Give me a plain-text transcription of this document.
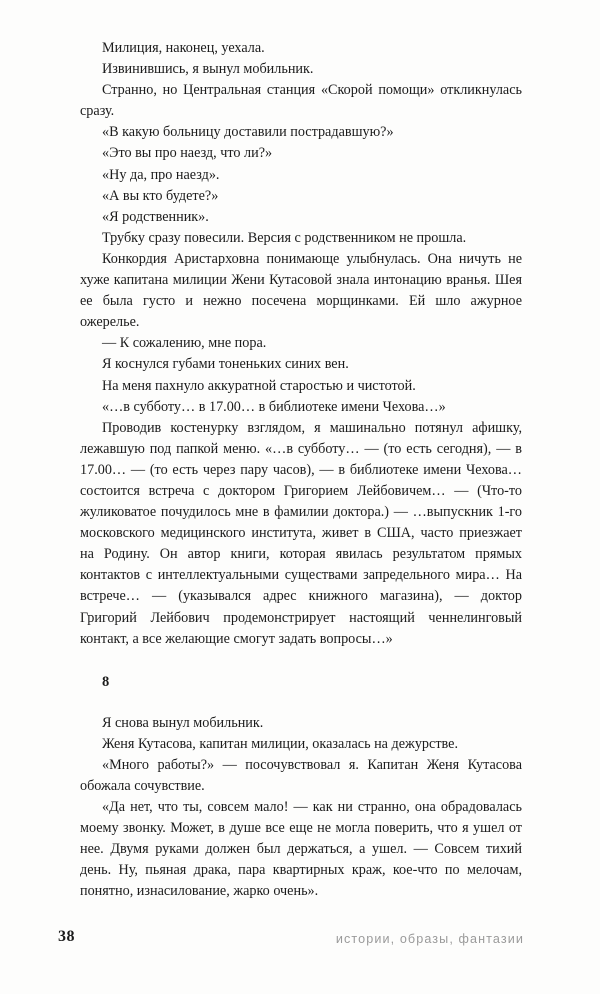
Милиция, наконец, уехала.

Извинившись, я вынул мобильник.

Странно, но Центральная станция «Скорой помощи» откликнулась сразу.

«В какую больницу доставили пострадавшую?»

«Это вы про наезд, что ли?»

«Ну да, про наезд».

«А вы кто будете?»

«Я родственник».

Трубку сразу повесили. Версия с родственником не прошла.

Конкордия Аристарховна понимающе улыбнулась. Она ничуть не хуже капитана милиции Жени Кутасовой знала интонацию вранья. Шея ее была густо и нежно посечена морщинками. Ей шло ажурное ожерелье.

— К сожалению, мне пора.

Я коснулся губами тоненьких синих вен.

На меня пахнуло аккуратной старостью и чистотой.

«…в субботу… в 17.00… в библиотеке имени Чехова…»

Проводив костенурку взглядом, я машинально потянул афишку, лежавшую под папкой меню. «…в субботу… — (то есть сегодня), — в 17.00… — (то есть через пару часов), — в библиотеке имени Чехова… состоится встреча с доктором Григорием Лейбовичем… — (Что-то жуликоватое почудилось мне в фамилии доктора.) — …выпускник 1-го московского медицинского института, живет в США, часто приезжает на Родину. Он автор книги, которая явилась результатом прямых контактов с интеллектуальными существами запредельного мира… На встрече… — (указывался адрес книжного магазина), — доктор Григорий Лейбович продемонстрирует настоящий ченнелинговый контакт, а все желающие смогут задать вопросы…»

8

Я снова вынул мобильник.

Женя Кутасова, капитан милиции, оказалась на дежурстве.

«Много работы?» — посочувствовал я. Капитан Женя Кутасова обожала сочувствие.

«Да нет, что ты, совсем мало! — как ни странно, она обрадовалась моему звонку. Может, в душе все еще не могла поверить, что я ушел от нее. Двумя руками должен был держаться, а ушел. — Совсем тихий день. Ну, пьяная драка, пара квартирных краж, кое-что по мелочам, понятно, изнасилование, жарко очень».

38	истории, образы, фантазии
